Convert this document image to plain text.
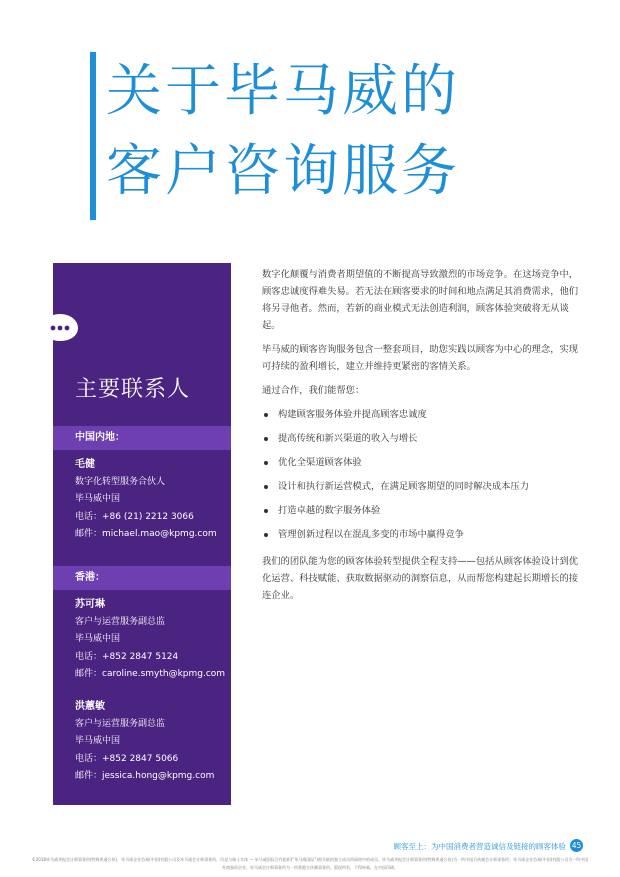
关于毕马威的
客户咨询服务
主要联系人
中国内地：
毛健
数字化转型服务合伙人
毕马威中国
电话：+86 (21) 2212 3066
邮件：michael.mao@kpmg.com
香港：
苏可琳
客户与运营服务副总监
毕马威中国
电话：+852 2847 5124
邮件：caroline.smyth@kpmg.com
洪蕙敏
客户与运营服务副总监
毕马威中国
电话：+852 2847 5066
邮件：jessica.hong@kpmg.com

数字化颠覆与消费者期望值的不断提高导致激烈的市场竞争。在这场竞争中，顾客忠诚度得难失易。若无法在顾客要求的时间和地点满足其消费需求，他们将另寻他者。然而，若新的商业模式无法创造利润，顾客体验突破将无从谈起。

毕马威的顾客咨询服务包含一整套项目，助您实践以顾客为中心的理念，实现可持续的盈利增长，建立并维持更紧密的客情关系。

通过合作，我们能帮您：

构建顾客服务体验并提高顾客忠诚度
提高传统和新兴渠道的收入与增长
优化全渠道顾客体验
设计和执行新运营模式，在满足顾客期望的同时解决成本压力
打造卓越的数字服务体验
管理创新过程以在混乱多变的市场中赢得竞争

我们的团队能为您的顾客体验转型提供全程支持——包括从顾客体验设计到优化运营、科技赋能、获取数据驱动的洞察信息，从而帮您构建起长期增长的接连企业。

顾客至上：为中国消费者营造诚信及链接的顾客体验 45
©2018毕马威华振会计师事务所(特殊普通合伙)，毕马威企业咨询(中国)有限公司及毕马威会计师事务所，均是与瑞士实体 — 毕马威国际合作组织(“毕马威国际”)相关联的独立成员所网络中的成员。毕马威华振会计师事务所(特殊普通合伙)为一所中国合伙制会计师事务所；毕马威企业咨询(中国)有限公司为一所中国外商独资企业；毕马威会计师事务所为一所香港合伙制事务所。版权所有，不得转载。在中国印刷。
